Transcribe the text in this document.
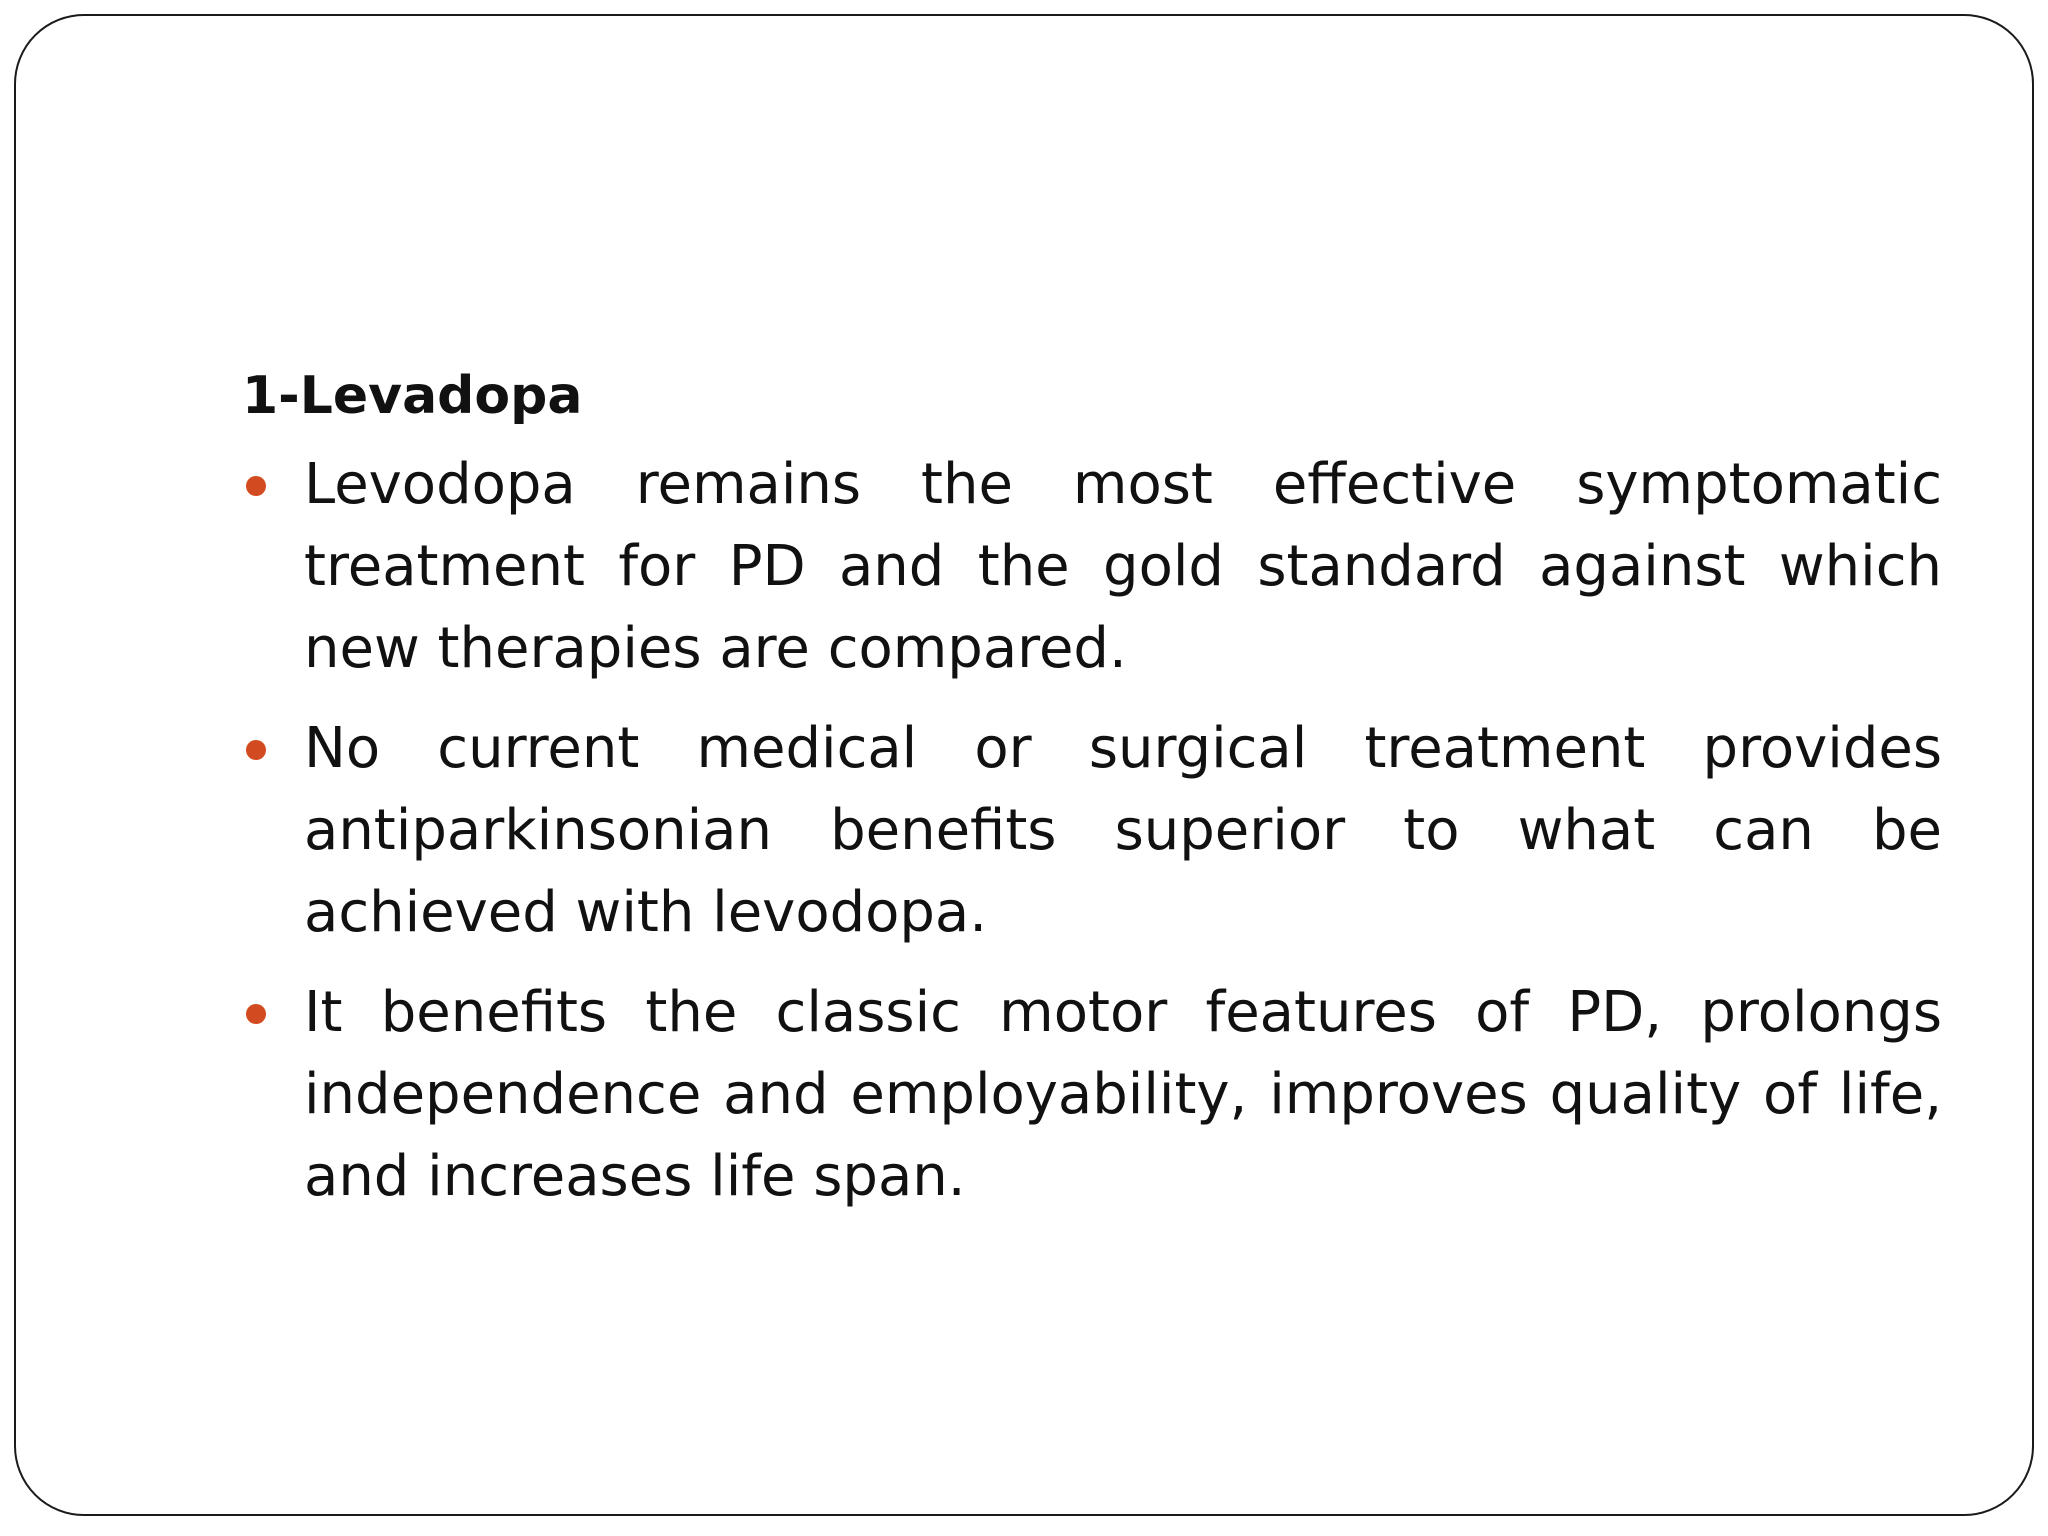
1-Levadopa
Levodopa remains the most effective symptomatic treatment for PD and the gold standard against which new therapies are compared.
No current medical or surgical treatment provides antiparkinsonian benefits superior to what can be achieved with levodopa.
It benefits the classic motor features of PD, prolongs independence and employability, improves quality of life, and increases life span.
